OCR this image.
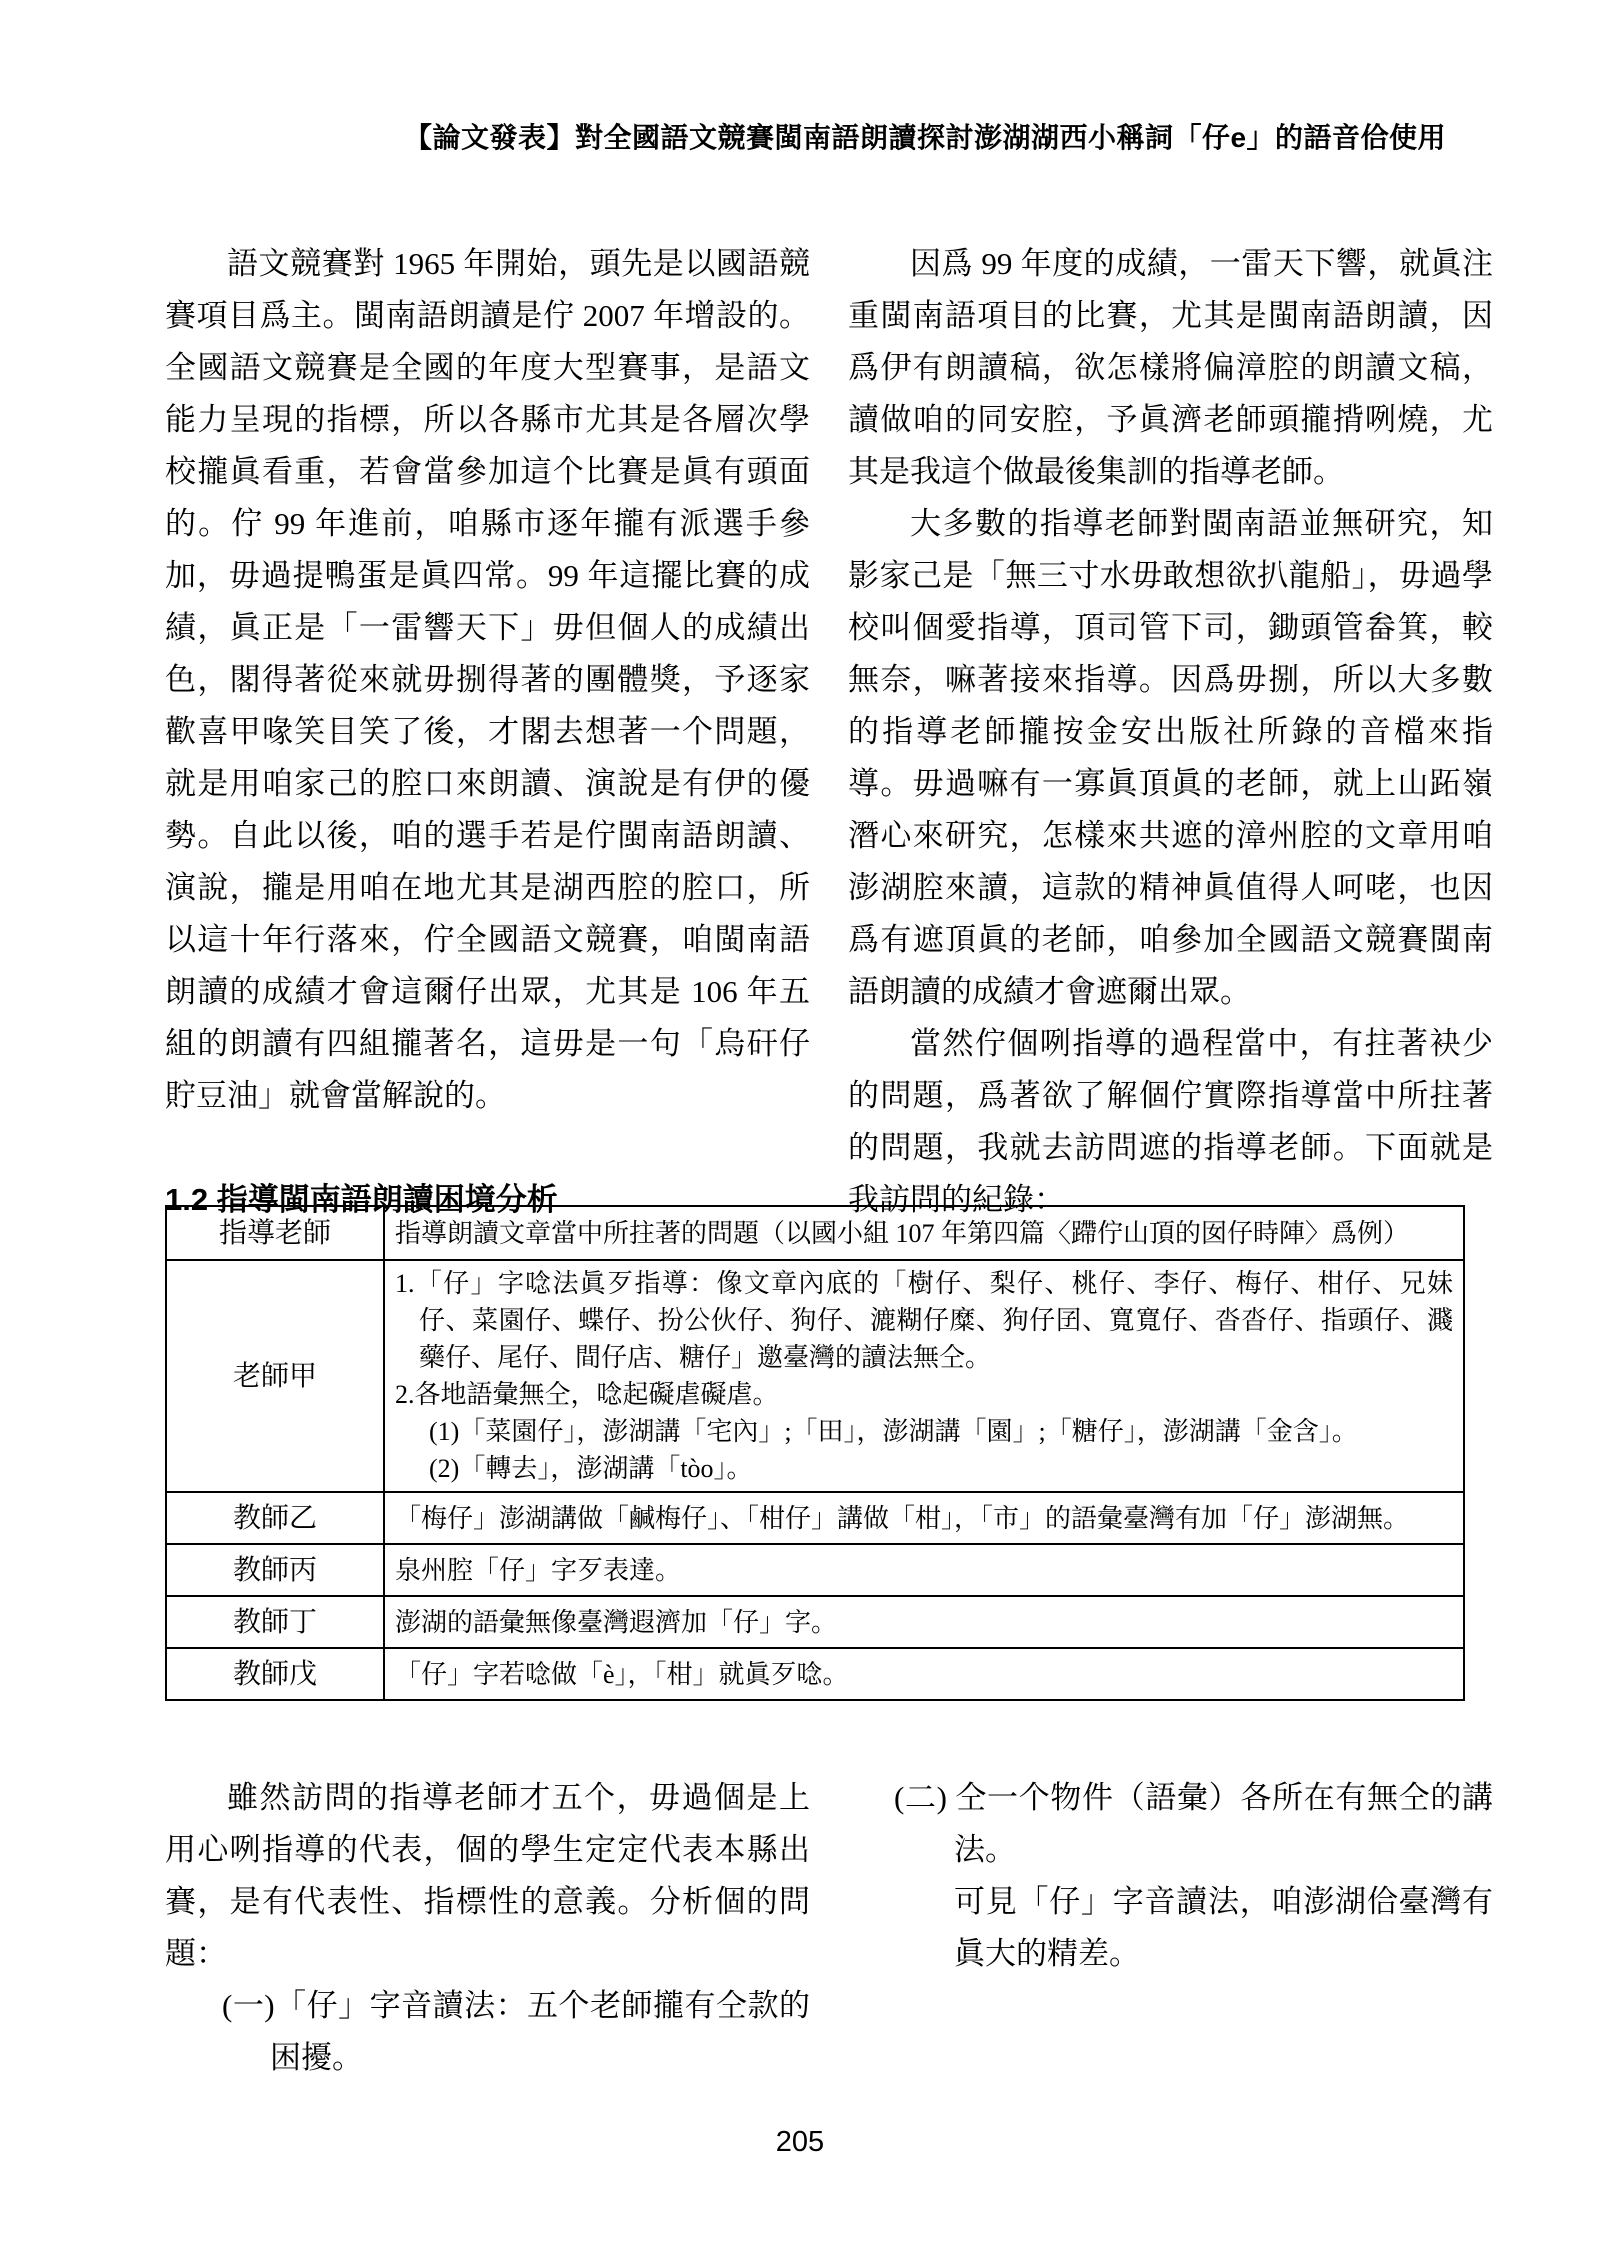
【論文發表】對全國語文競賽閩南語朗讀探討澎湖湖西小稱詞「仔e」的語音佮使用

語文競賽對 1965 年開始，頭先是以國語競賽項目爲主。閩南語朗讀是佇 2007 年增設的。全國語文競賽是全國的年度大型賽事，是語文能力呈現的指標，所以各縣市尤其是各層次學校攏眞看重，若會當參加這个比賽是眞有頭面的。佇 99 年進前，咱縣市逐年攏有派選手參加，毋過提鴨蛋是眞四常。99 年這擺比賽的成績，眞正是「一雷響天下」毋但個人的成績出色，閣得著從來就毋捌得著的團體獎，予逐家歡喜甲喙笑目笑了後，才閣去想著一个問題，就是用咱家己的腔口來朗讀、演說是有伊的優勢。自此以後，咱的選手若是佇閩南語朗讀、演說，攏是用咱在地尤其是湖西腔的腔口，所以這十年行落來，佇全國語文競賽，咱閩南語朗讀的成績才會這爾仔出眾，尤其是 106 年五組的朗讀有四組攏著名，這毋是一句「烏矸仔貯豆油」就會當解說的。

1.2 指導閩南語朗讀困境分析

因爲 99 年度的成績，一雷天下響，就眞注重閩南語項目的比賽，尤其是閩南語朗讀，因爲伊有朗讀稿，欲怎樣將偏漳腔的朗讀文稿，讀做咱的同安腔，予眞濟老師頭攏揹咧燒，尤其是我這个做最後集訓的指導老師。

大多數的指導老師對閩南語並無研究，知影家己是「無三寸水毋敢想欲扒龍船」，毋過學校叫個愛指導，頂司管下司，鋤頭管畚箕，較無奈，嘛著接來指導。因爲毋捌，所以大多數的指導老師攏按金安出版社所錄的音檔來指導。毋過嘛有一寡眞頂眞的老師，就上山跖嶺潛心來研究，怎樣來共遮的漳州腔的文章用咱澎湖腔來讀，這款的精神眞值得人呵咾，也因爲有遮頂眞的老師，咱參加全國語文競賽閩南語朗讀的成績才會遮爾出眾。

當然佇個咧指導的過程當中，有拄著袂少的問題，爲著欲了解個佇實際指導當中所拄著的問題，我就去訪問遮的指導老師。下面就是我訪問的紀錄：

指導老師	指導朗讀文章當中所拄著的問題（以國小組 107 年第四篇〈蹛佇山頂的囡仔時陣〉爲例）
老師甲	1.「仔」字唸法眞歹指導：像文章內底的「樹仔、梨仔、桃仔、李仔、梅仔、柑仔、兄妹仔、菜園仔、蝶仔、扮公伙仔、狗仔、漉糊仔糜、狗仔囝、寬寬仔、沓沓仔、指頭仔、濺藥仔、尾仔、間仔店、糖仔」邀臺灣的讀法無仝。

2.各地語彙無仝，唸起礙虐礙虐。

(1)「菜園仔」，澎湖講「宅內」;「田」，澎湖講「園」;「糖仔」，澎湖講「金含」。

(2)「轉去」，澎湖講「tòo」。

教師乙	「梅仔」澎湖講做「鹹梅仔」、「柑仔」講做「柑」，「市」的語彙臺灣有加「仔」澎湖無。
教師丙	泉州腔「仔」字歹表達。
教師丁	澎湖的語彙無像臺灣遐濟加「仔」字。
教師戊	「仔」字若唸做「è」，「柑」就眞歹唸。

雖然訪問的指導老師才五个，毋過個是上用心咧指導的代表，個的學生定定代表本縣出賽，是有代表性、指標性的意義。分析個的問題：

(一)「仔」字音讀法：五个老師攏有仝款的困擾。

(二) 仝一个物件（語彙）各所在有無仝的講法。

可見「仔」字音讀法，咱澎湖佮臺灣有眞大的精差。

205
